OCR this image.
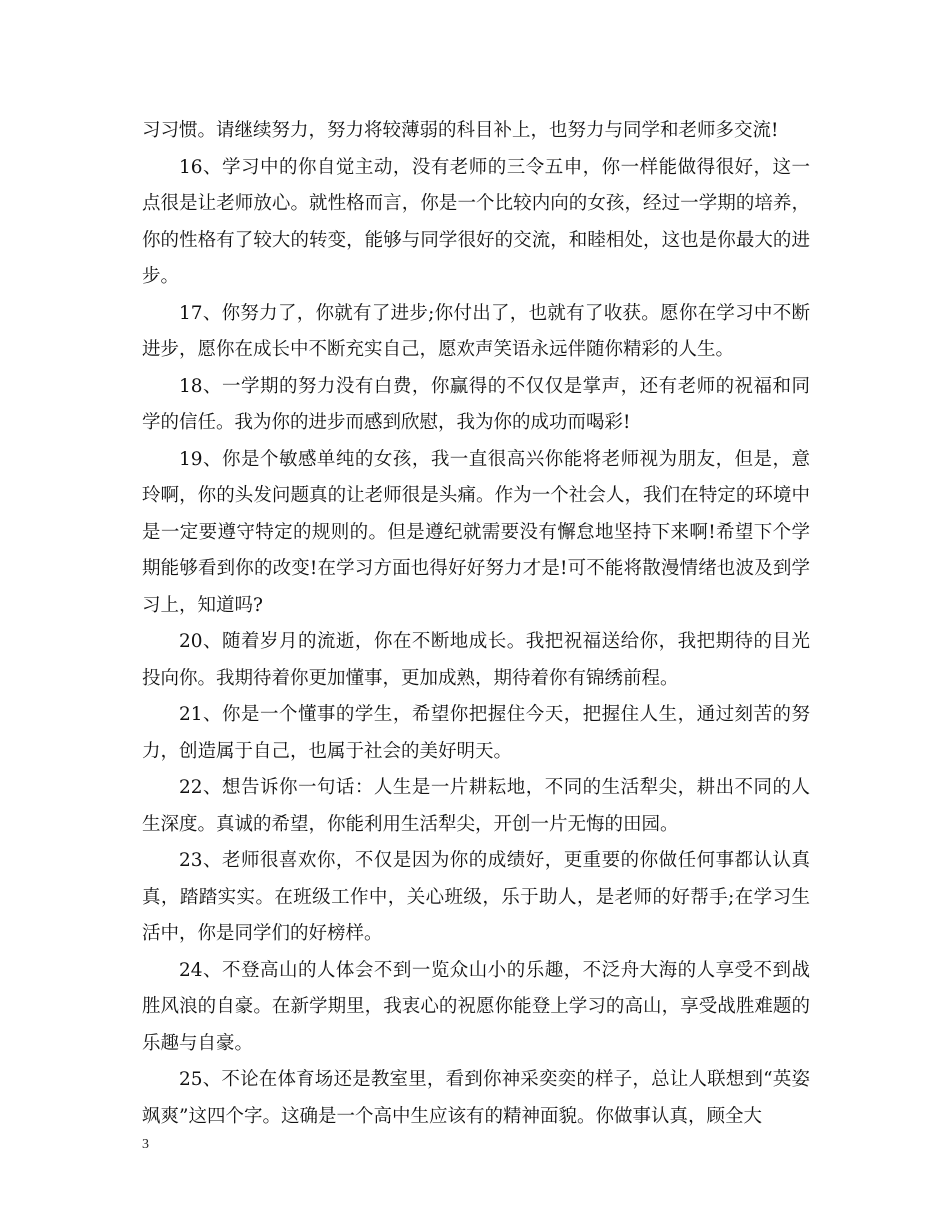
习习惯。请继续努力，努力将较薄弱的科目补上，也努力与同学和老师多交流!

16、学习中的你自觉主动，没有老师的三令五申，你一样能做得很好，这一点很是让老师放心。就性格而言，你是一个比较内向的女孩，经过一学期的培养，你的性格有了较大的转变，能够与同学很好的交流，和睦相处，这也是你最大的进步。

17、你努力了，你就有了进步;你付出了，也就有了收获。愿你在学习中不断进步，愿你在成长中不断充实自己，愿欢声笑语永远伴随你精彩的人生。

18、一学期的努力没有白费，你赢得的不仅仅是掌声，还有老师的祝福和同学的信任。我为你的进步而感到欣慰，我为你的成功而喝彩!

19、你是个敏感单纯的女孩，我一直很高兴你能将老师视为朋友，但是，意玲啊，你的头发问题真的让老师很是头痛。作为一个社会人，我们在特定的环境中是一定要遵守特定的规则的。但是遵纪就需要没有懈怠地坚持下来啊!希望下个学期能够看到你的改变!在学习方面也得好好努力才是!可不能将散漫情绪也波及到学习上，知道吗?

20、随着岁月的流逝，你在不断地成长。我把祝福送给你，我把期待的目光投向你。我期待着你更加懂事，更加成熟，期待着你有锦绣前程。

21、你是一个懂事的学生，希望你把握住今天，把握住人生，通过刻苦的努力，创造属于自己，也属于社会的美好明天。

22、想告诉你一句话：人生是一片耕耘地，不同的生活犁尖，耕出不同的人生深度。真诚的希望，你能利用生活犁尖，开创一片无悔的田园。

23、老师很喜欢你，不仅是因为你的成绩好，更重要的你做任何事都认认真真，踏踏实实。在班级工作中，关心班级，乐于助人，是老师的好帮手;在学习生活中，你是同学们的好榜样。

24、不登高山的人体会不到一览众山小的乐趣，不泛舟大海的人享受不到战胜风浪的自豪。在新学期里，我衷心的祝愿你能登上学习的高山，享受战胜难题的乐趣与自豪。

25、不论在体育场还是教室里，看到你神采奕奕的样子，总让人联想到“英姿飒爽”这四个字。这确是一个高中生应该有的精神面貌。你做事认真，顾全大

3
